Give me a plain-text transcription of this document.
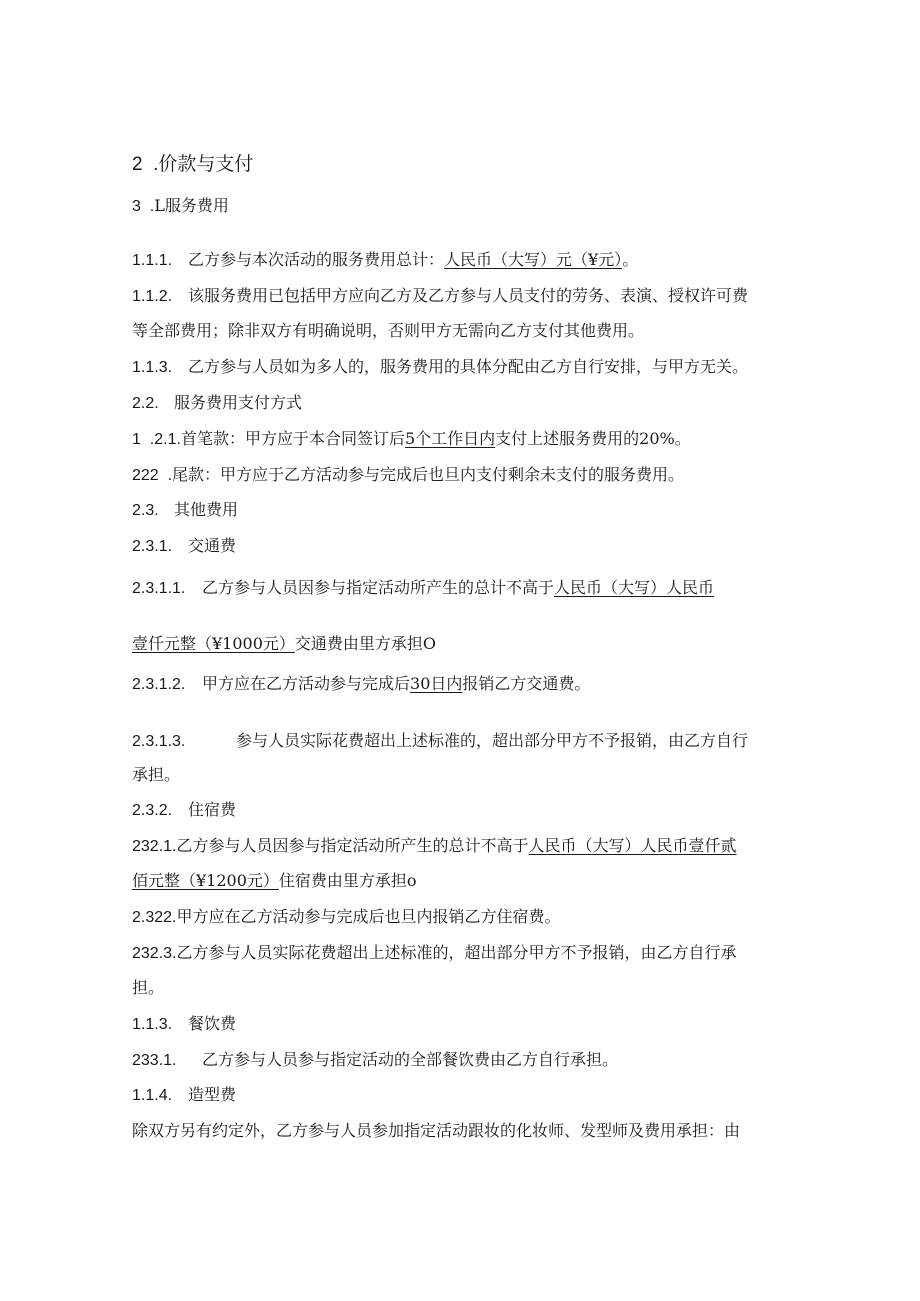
2  .价款与支付
3  .L服务费用
1.1.1. 乙方参与本次活动的服务费用总计：人民币（大写）元（¥元）。
1.1.2. 该服务费用已包括甲方应向乙方及乙方参与人员支付的劳务、表演、授权许可费
等全部费用；除非双方有明确说明，否则甲方无需向乙方支付其他费用。
1.1.3. 乙方参与人员如为多人的，服务费用的具体分配由乙方自行安排，与甲方无关。
2.2. 服务费用支付方式
1  .2.1.首笔款：甲方应于本合同签订后5个工作日内支付上述服务费用的20%。
222  .尾款：甲方应于乙方活动参与完成后也旦内支付剩余未支付的服务费用。
2.3. 其他费用
2.3.1. 交通费
2.3.1.1. 乙方参与人员因参与指定活动所产生的总计不高于人民币（大写）人民币
壹仟元整（¥1000元）交通费由里方承担O
2.3.1.2. 甲方应在乙方活动参与完成后30日内报销乙方交通费。
2.3.1.3.	参与人员实际花费超出上述标准的，超出部分甲方不予报销，由乙方自行
承担。
2.3.2. 住宿费
232.1.乙方参与人员因参与指定活动所产生的总计不高于人民币（大写）人民币壹仟贰
佰元整（¥1200元）住宿费由里方承担o
2.322.甲方应在乙方活动参与完成后也旦内报销乙方住宿费。
232.3.乙方参与人员实际花费超出上述标准的，超出部分甲方不予报销，由乙方自行承
担。
1.1.3. 餐饮费
233.1. 乙方参与人员参与指定活动的全部餐饮费由乙方自行承担。
1.1.4. 造型费
除双方另有约定外，乙方参与人员参加指定活动跟妆的化妆师、发型师及费用承担：由
